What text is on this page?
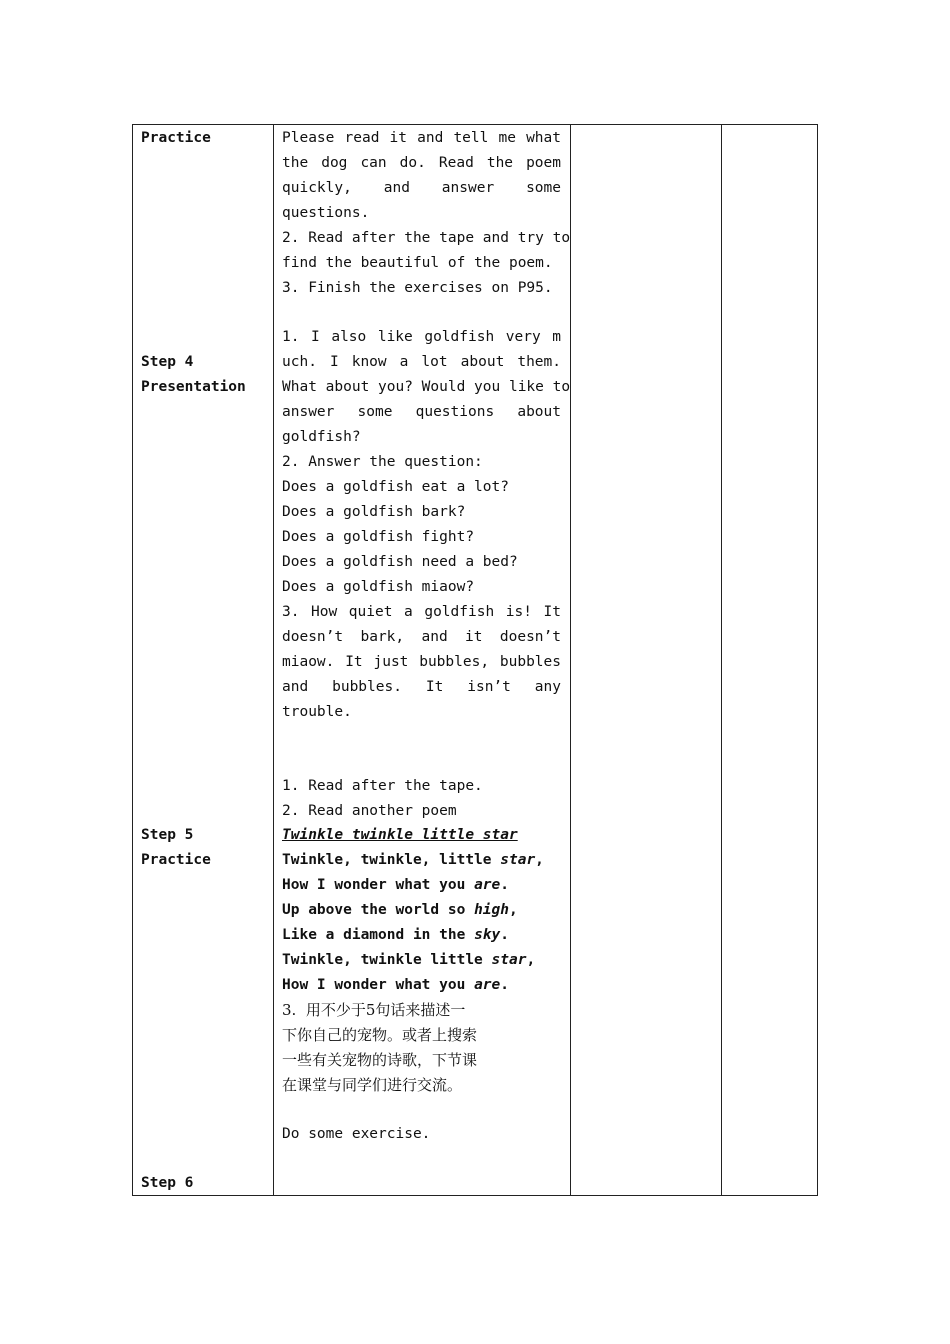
Practice
Step 4
Presentation
Step 5
Practice
Step 6
Please read it and tell me what
the dog can do. Read the poem
quickly, and answer some
questions.
2. Read after the tape and try to
find the beautiful of the poem.
3. Finish the exercises on P95.
1. I also like goldfish very m
uch. I know a lot about them.
What about you? Would you like to
answer some questions about
goldfish?
2. Answer the question:
Does a goldfish eat a lot?
Does a goldfish bark?
Does a goldfish fight?
Does a goldfish need a bed?
Does a goldfish miaow?
3. How quiet a goldfish is! It
doesn’t bark, and it doesn’t
miaow. It just bubbles, bubbles
and bubbles. It isn’t any
trouble.
1. Read after the tape.
2. Read another poem
Twinkle twinkle little star
Twinkle, twinkle, little star,
How I wonder what you are.
Up above the world so high,
Like a diamond in the sky.
Twinkle, twinkle little star,
How I wonder what you are.
3.  用不少于5句话来描述一
下你自己的宠物。或者上搜索
一些有关宠物的诗歌，下节课
在课堂与同学们进行交流。
Do some exercise.
